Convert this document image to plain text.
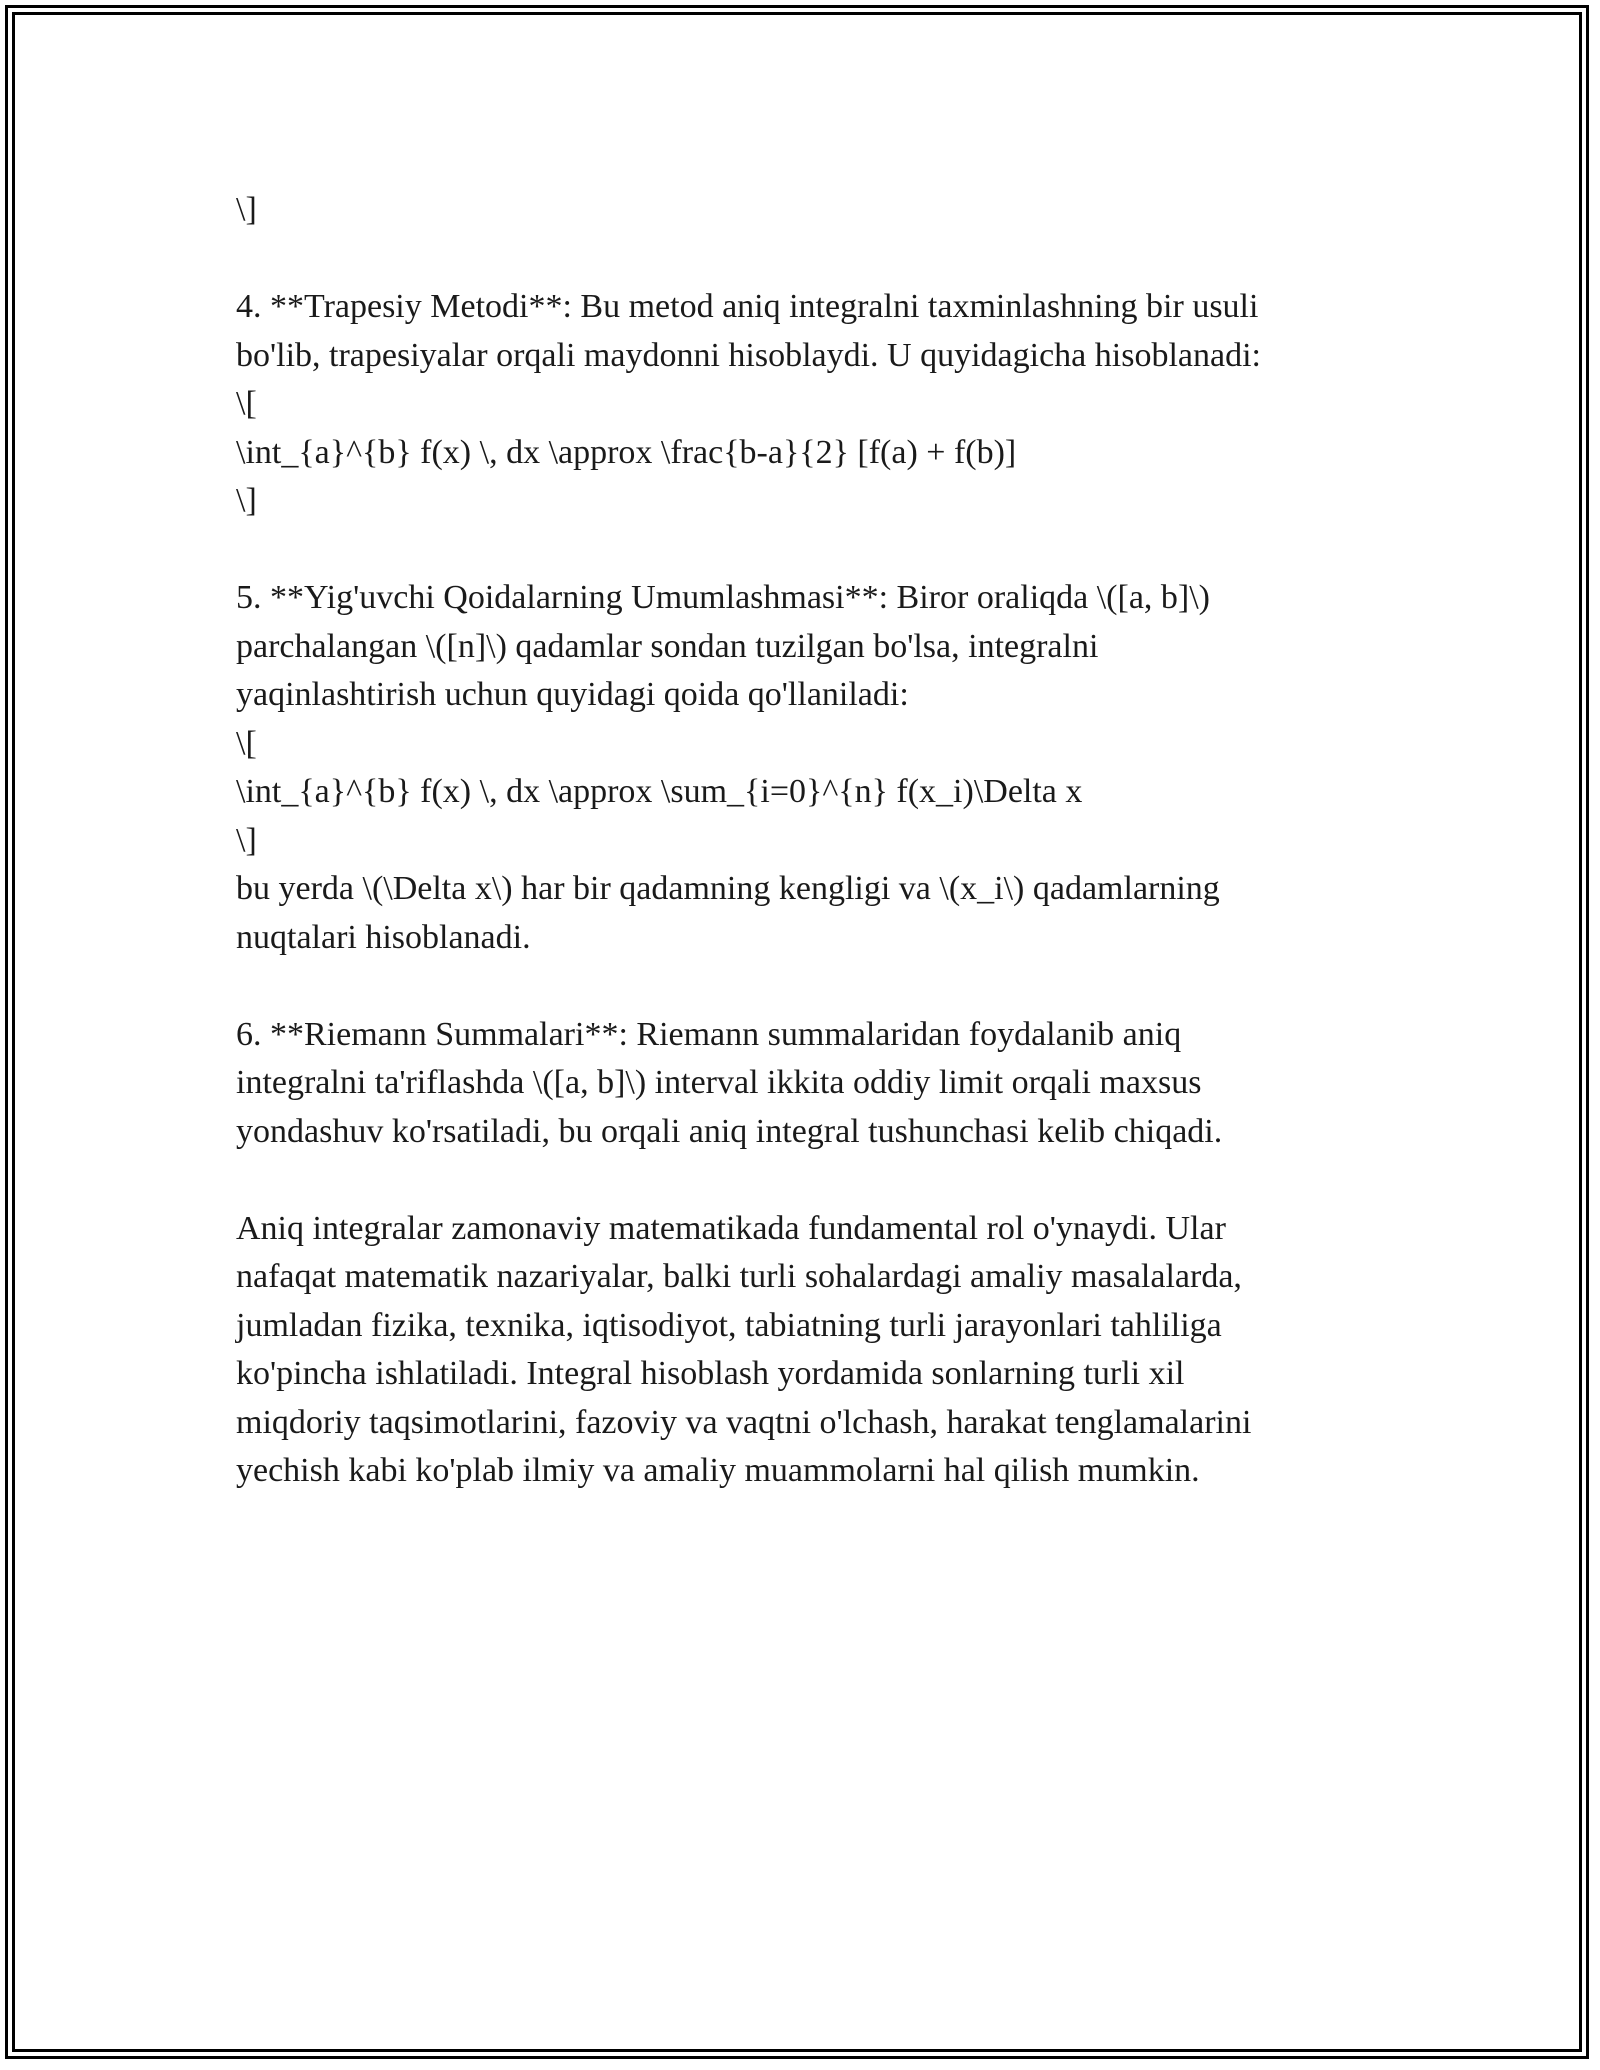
\]
4. **Trapesiy Metodi**: Bu metod aniq integralni taxminlashning bir usuli
bo'lib, trapesiyalar orqali maydonni hisoblaydi. U quyidagicha hisoblanadi:
\[
\int_{a}^{b} f(x) \, dx \approx \frac{b-a}{2} [f(a) + f(b)]
\]
5. **Yig'uvchi Qoidalarning Umumlashmasi**: Biror oraliqda \([a, b]\)
parchalangan \([n]\) qadamlar sondan tuzilgan bo'lsa, integralni
yaqinlashtirish uchun quyidagi qoida qo'llaniladi:
\[
\int_{a}^{b} f(x) \, dx \approx \sum_{i=0}^{n} f(x_i)\Delta x
\]
bu yerda \(\Delta x\) har bir qadamning kengligi va \(x_i\) qadamlarning
nuqtalari hisoblanadi.
6. **Riemann Summalari**: Riemann summalaridan foydalanib aniq
integralni ta'riflashda \([a, b]\) interval ikkita oddiy limit orqali maxsus
yondashuv ko'rsatiladi, bu orqali aniq integral tushunchasi kelib chiqadi.
Aniq integralar zamonaviy matematikada fundamental rol o'ynaydi. Ular
nafaqat matematik nazariyalar, balki turli sohalardagi amaliy masalalarda,
jumladan fizika, texnika, iqtisodiyot, tabiatning turli jarayonlari tahliliga
ko'pincha ishlatiladi. Integral hisoblash yordamida sonlarning turli xil
miqdoriy taqsimotlarini, fazoviy va vaqtni o'lchash, harakat tenglamalarini
yechish kabi ko'plab ilmiy va amaliy muammolarni hal qilish mumkin.
